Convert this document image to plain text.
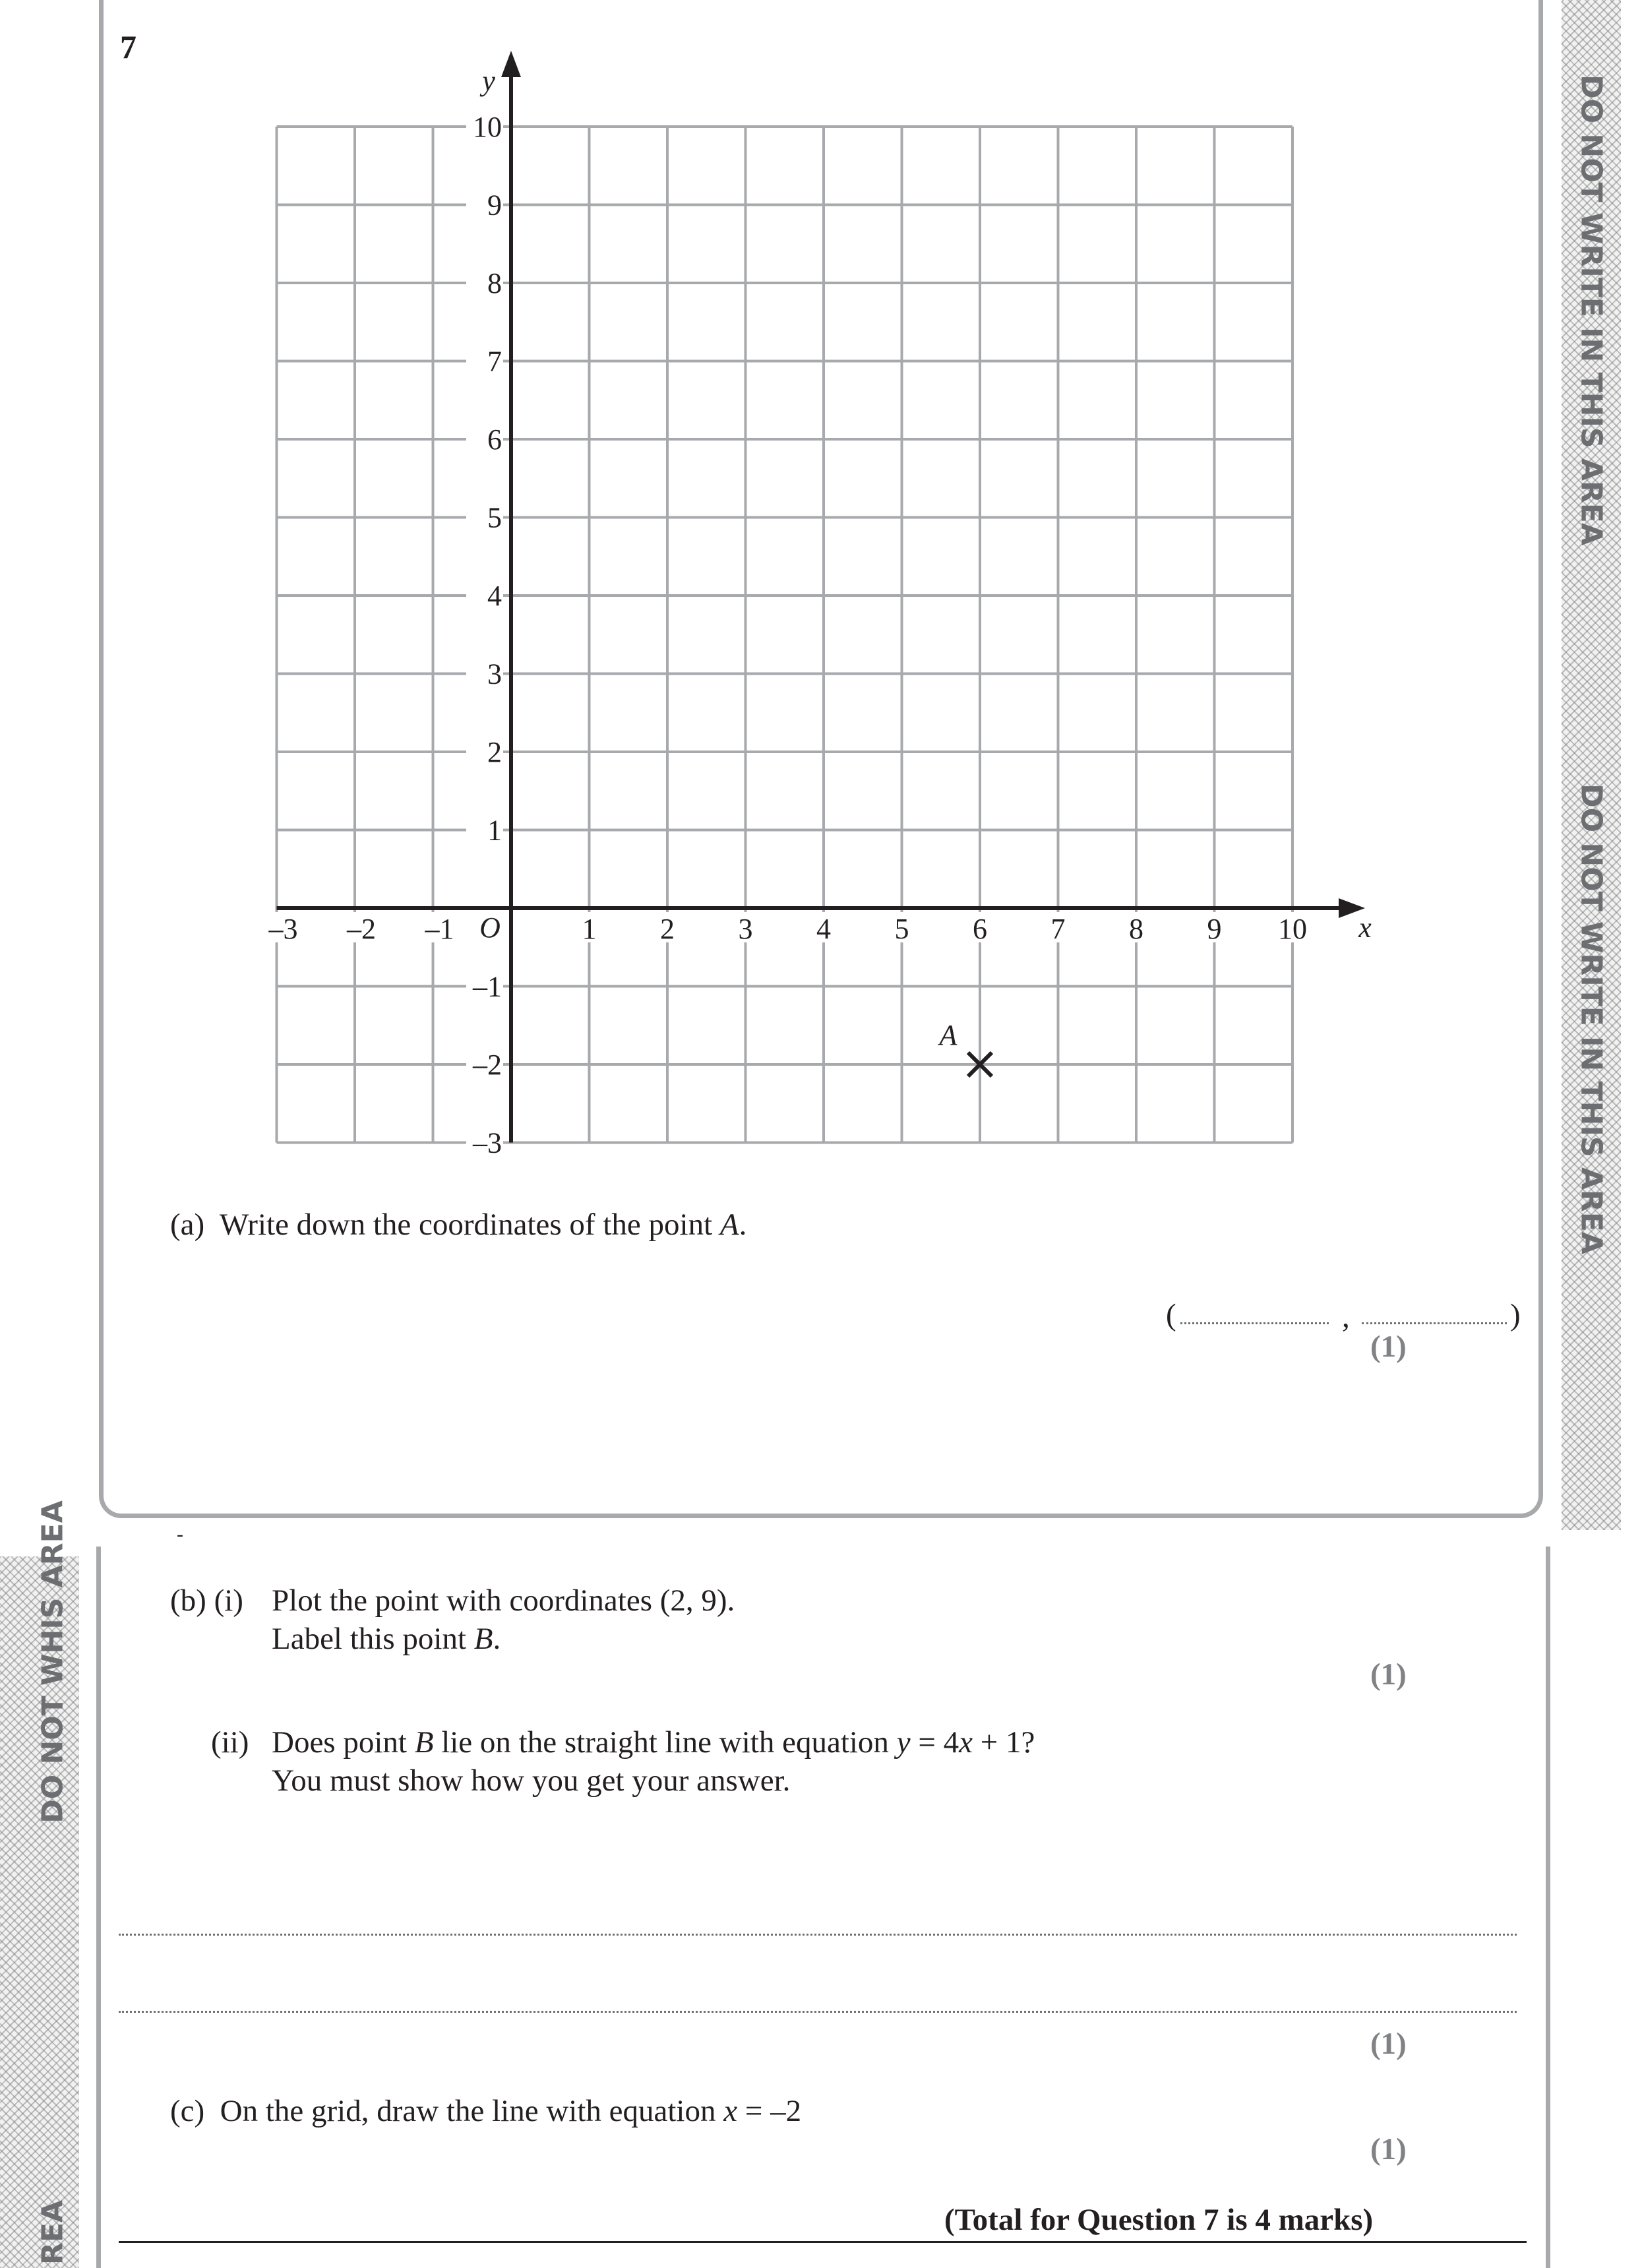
7
DO NOT WRITE IN THIS AREA
DO NOT WRITE IN THIS AREA
DO NOT WHIS AREA
REA
–3 –2 –1	1 2 3 4 5 6 7 8 9 10
–3
–2
–1
1
2
3
4
5
6
7
8
9
10
x
y
O
A
(a) Write down the coordinates of the point A.
(	,	)
(1)
-
(b) (i) Plot the point with coordinates (2, 9).
Label this point B.
(1)
(ii) Does point B lie on the straight line with equation y = 4x + 1?
You must show how you get your answer.
(1)
(c) On the grid, draw the line with equation x = –2
(1)
(Total for Question 7 is 4 marks)
